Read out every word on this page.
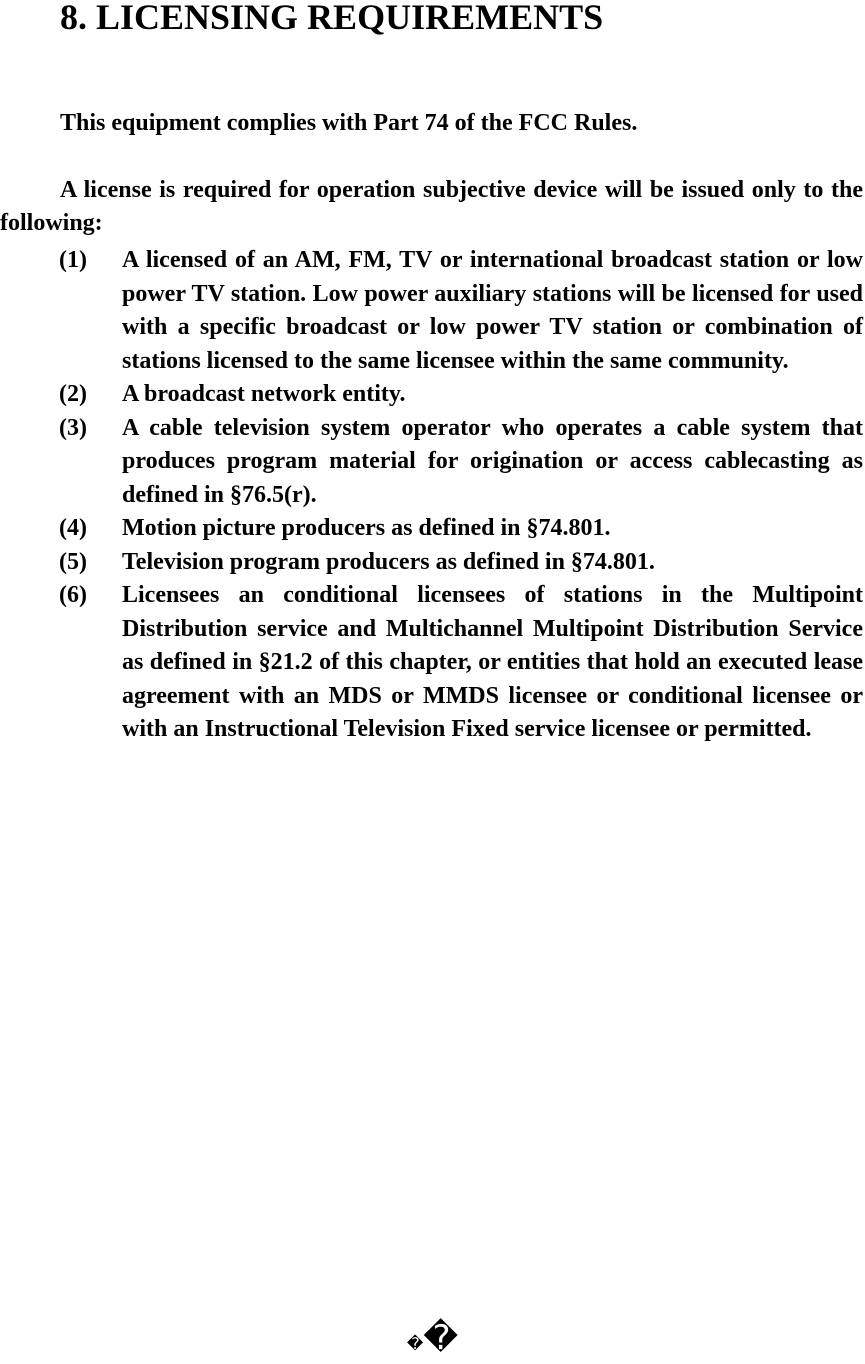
8. LICENSING REQUIREMENTS

This equipment complies with Part 74 of the FCC Rules.

A license is required for operation subjective device will be issued only to the following:

(1) A licensed of an AM, FM, TV or international broadcast station or low power TV station. Low power auxiliary stations will be licensed for used with a specific broadcast or low power TV station or combination of stations licensed to the same licensee within the same community.
(2) A broadcast network entity.
(3) A cable television system operator who operates a cable system that produces program material for origination or access cablecasting as defined in §76.5(r).
(4) Motion picture producers as defined in §74.801.
(5) Television program producers as defined in §74.801.
(6) Licensees an conditional licensees of stations in the Multipoint Distribution service and Multichannel Multipoint Distribution Service as defined in §21.2 of this chapter, or entities that hold an executed lease agreement with an MDS or MMDS licensee or conditional licensee or with an Instructional Television Fixed service licensee or permitted.
��
